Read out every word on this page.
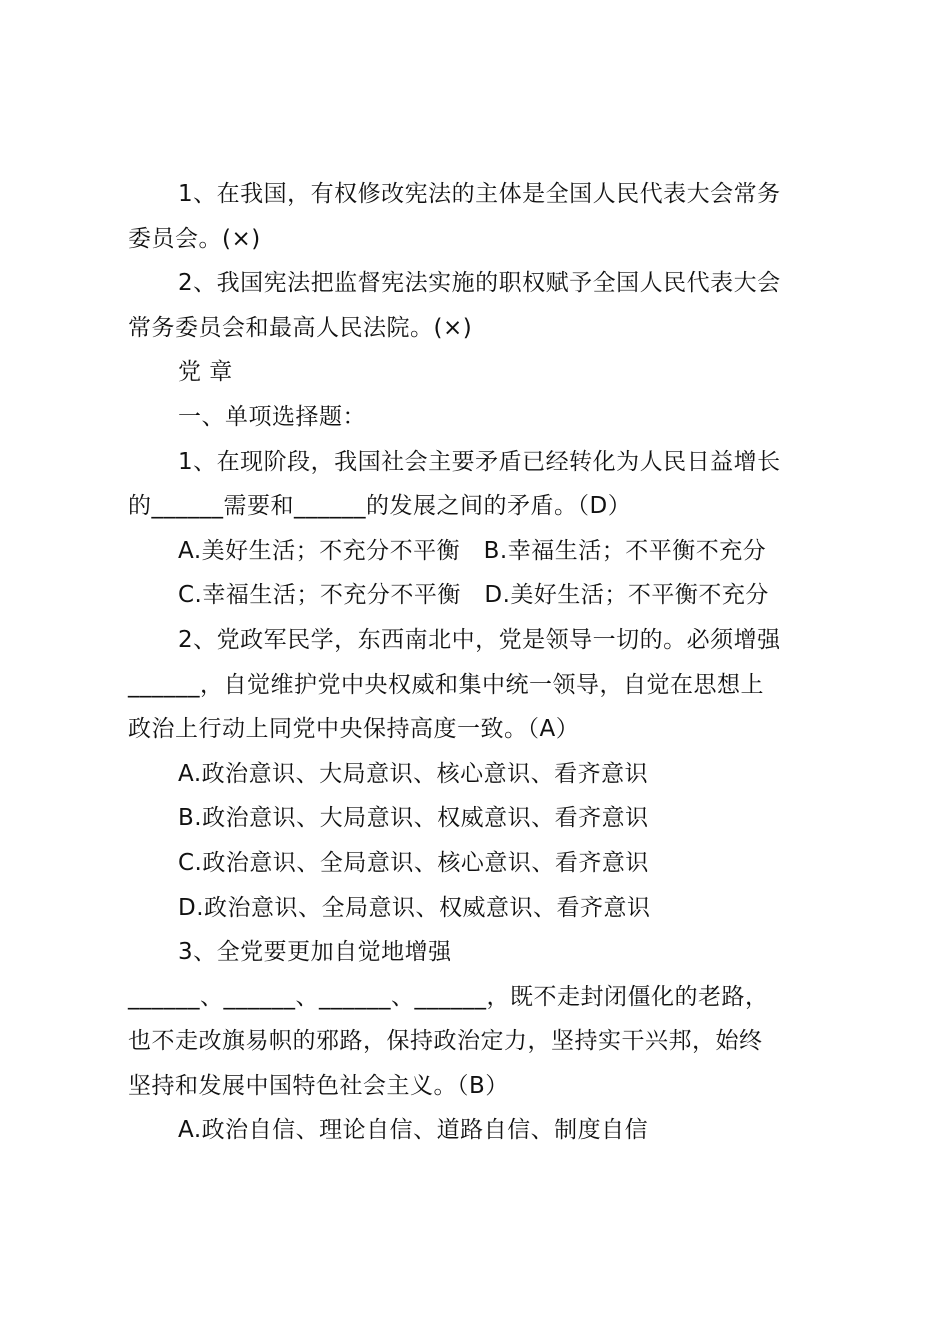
1、在我国，有权修改宪法的主体是全国人民代表大会常务
委员会。(×)
2、我国宪法把监督宪法实施的职权赋予全国人民代表大会
常务委员会和最高人民法院。(×)
党 章
一、单项选择题：
1、在现阶段，我国社会主要矛盾已经转化为人民日益增长
的______需要和______的发展之间的矛盾。（D）
A.美好生活；不充分不平衡　B.幸福生活；不平衡不充分
C.幸福生活；不充分不平衡　D.美好生活；不平衡不充分
2、党政军民学，东西南北中，党是领导一切的。必须增强
______，自觉维护党中央权威和集中统一领导，自觉在思想上
政治上行动上同党中央保持高度一致。（A）
A.政治意识、大局意识、核心意识、看齐意识
B.政治意识、大局意识、权威意识、看齐意识
C.政治意识、全局意识、核心意识、看齐意识
D.政治意识、全局意识、权威意识、看齐意识
3、全党要更加自觉地增强
______、______、______、______，既不走封闭僵化的老路，
也不走改旗易帜的邪路，保持政治定力，坚持实干兴邦，始终
坚持和发展中国特色社会主义。（B）
A.政治自信、理论自信、道路自信、制度自信
